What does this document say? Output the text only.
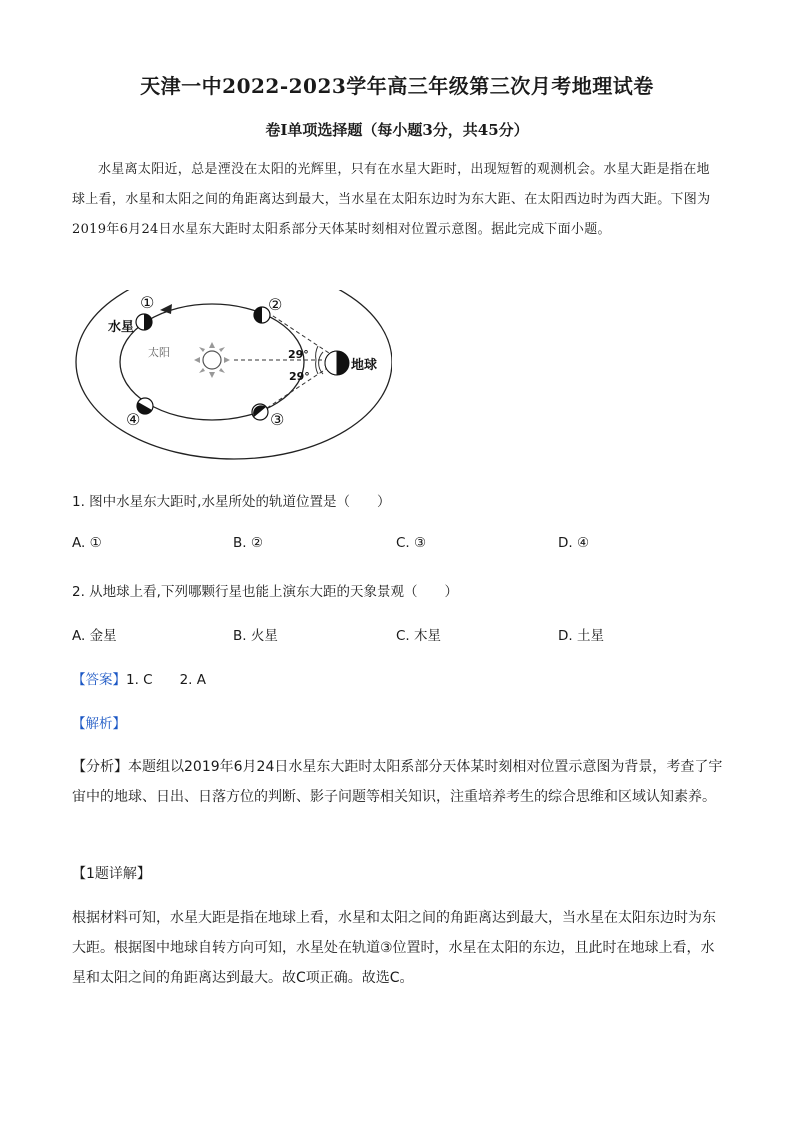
天津一中2022-2023学年高三年级第三次月考地理试卷
卷I单项选择题（每小题3分，共45分）
水星离太阳近，总是湮没在太阳的光辉里，只有在水星大距时，出现短暂的观测机会。水星大距是指在地球上看，水星和太阳之间的角距离达到最大，当水星在太阳东边时为东大距、在太阳西边时为西大距。下图为2019年6月24日水星东大距时太阳系部分天体某时刻相对位置示意图。据此完成下面小题。
①	②
③
④
水星
太阳
地球
29°
29°
1. 图中水星东大距时,水星所处的轨道位置是（　　）
A. ①	B. ②	C. ③	D. ④
2. 从地球上看,下列哪颗行星也能上演东大距的天象景观（　　）
A. 金星	B. 火星	C. 木星	D. 土星
【答案】1. C　　2. A
【解析】
【分析】本题组以2019年6月24日水星东大距时太阳系部分天体某时刻相对位置示意图为背景，考查了宇宙中的地球、日出、日落方位的判断、影子问题等相关知识，注重培养考生的综合思维和区域认知素养。
【1题详解】
根据材料可知，水星大距是指在地球上看，水星和太阳之间的角距离达到最大，当水星在太阳东边时为东大距。根据图中地球自转方向可知，水星处在轨道③位置时，水星在太阳的东边，且此时在地球上看，水星和太阳之间的角距离达到最大。故C项正确。故选C。
